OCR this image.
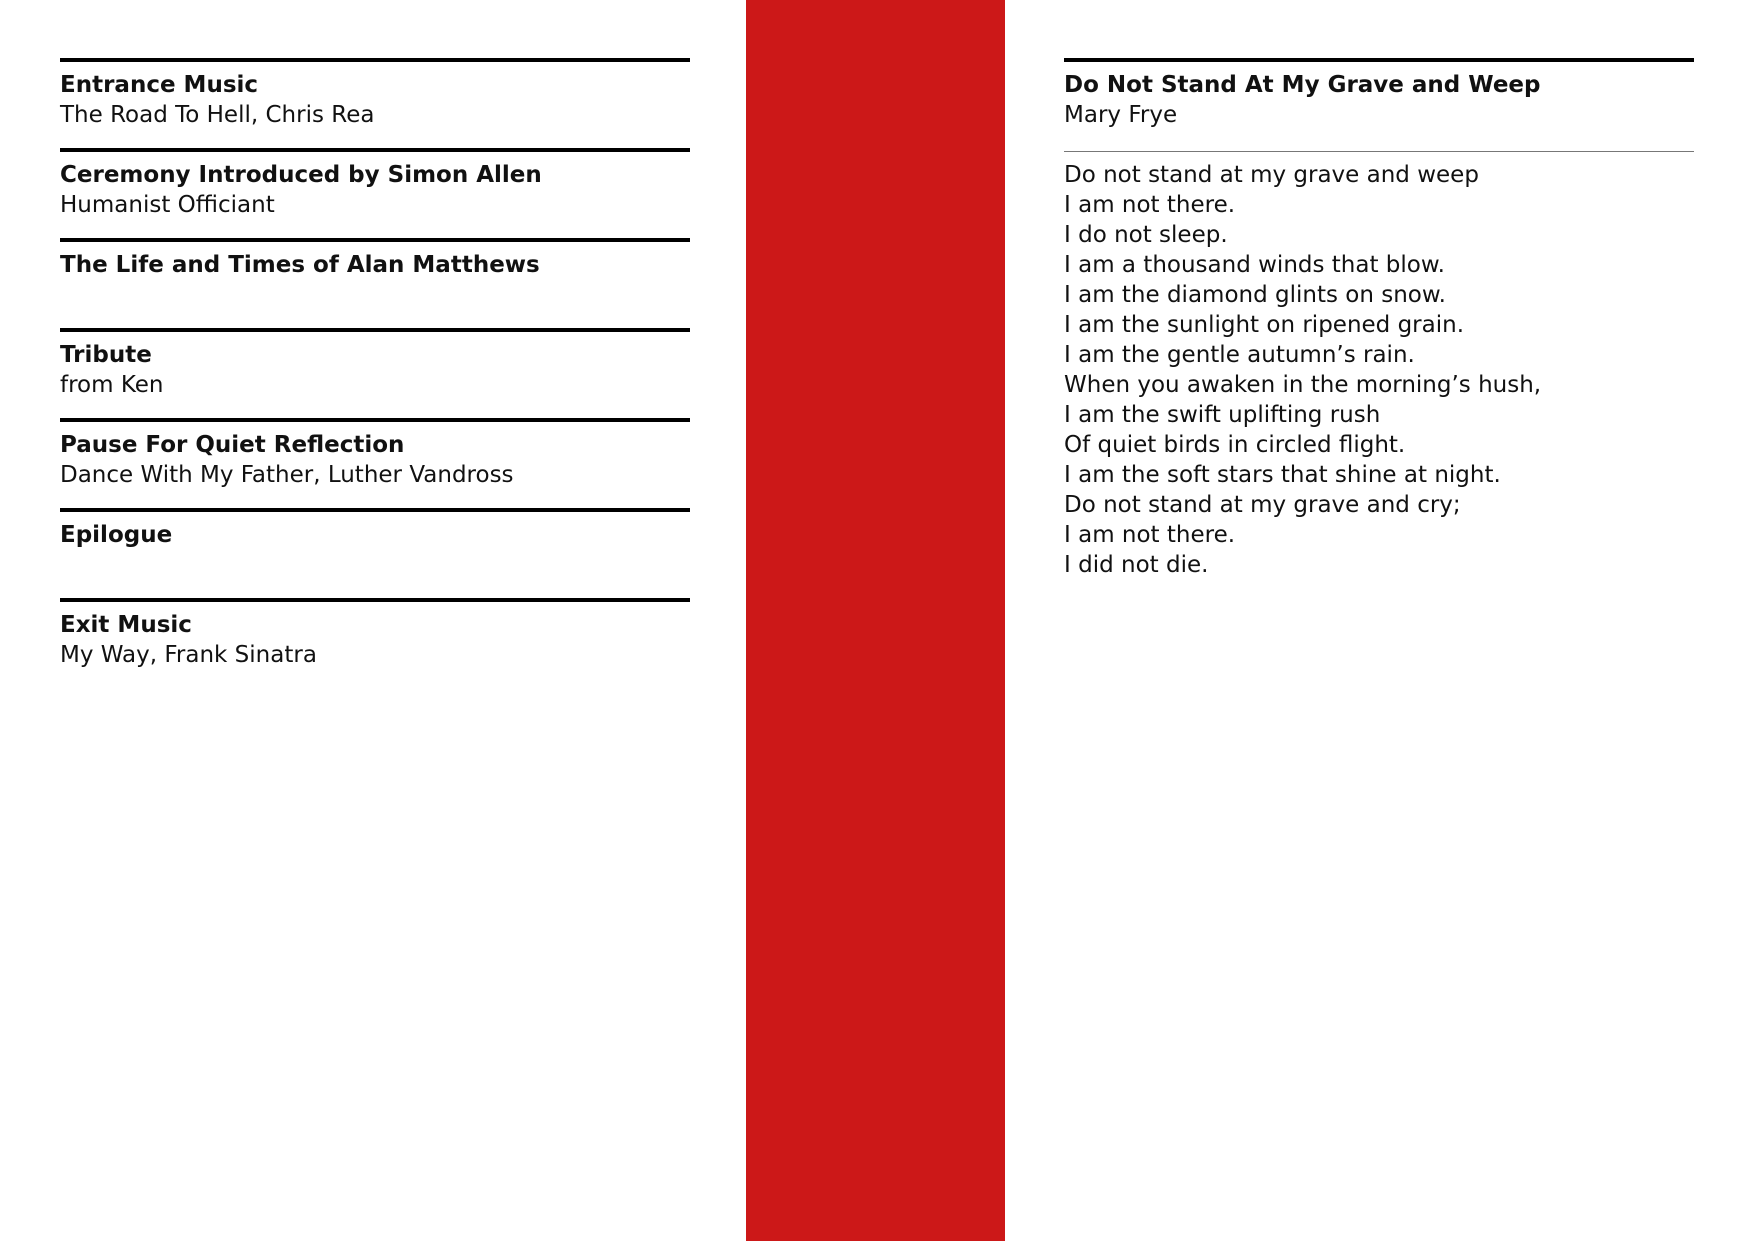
Entrance Music
The Road To Hell, Chris Rea
Ceremony Introduced by Simon Allen
Humanist Officiant
The Life and Times of Alan Matthews
Tribute
from Ken
Pause For Quiet Reflection
Dance With My Father, Luther Vandross
Epilogue
Exit Music
My Way, Frank Sinatra
Do Not Stand At My Grave and Weep
Mary Frye
Do not stand at my grave and weep
I am not there.
I do not sleep.
I am a thousand winds that blow.
I am the diamond glints on snow.
I am the sunlight on ripened grain.
I am the gentle autumn’s rain.
When you awaken in the morning’s hush,
I am the swift uplifting rush
Of quiet birds in circled flight.
I am the soft stars that shine at night.
Do not stand at my grave and cry;
I am not there.
I did not die.
